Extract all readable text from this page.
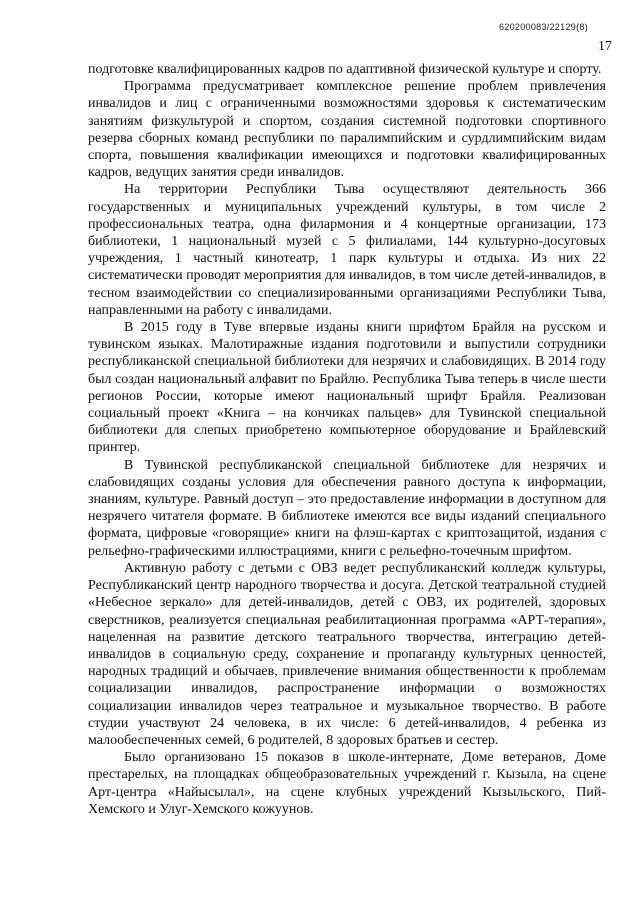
620200083/22129(8)
17

подготовке квалифицированных кадров по адаптивной физической культуре и спорту.

Программа предусматривает комплексное решение проблем привлечения инвалидов и лиц с ограниченными возможностями здоровья к систематическим занятиям физкультурой и спортом, создания системной подготовки спортивного резерва сборных команд республики по паралимпийским и сурдлимпийским видам спорта, повышения квалификации имеющихся и подготовки квалифицированных кадров, ведущих занятия среди инвалидов.

На территории Республики Тыва осуществляют деятельность 366 государственных и муниципальных учреждений культуры, в том числе 2 профессиональных театра, одна филармония и 4 концертные организации, 173 библиотеки, 1 национальный музей с 5 филиалами, 144 культурно-досуговых учреждения, 1 частный кинотеатр, 1 парк культуры и отдыха. Из них 22 систематически проводят мероприятия для инвалидов, в том числе детей-инвалидов, в тесном взаимодействии со специализированными организациями Республики Тыва, направленными на работу с инвалидами.

В 2015 году в Туве впервые изданы книги шрифтом Брайля на русском и тувинском языках. Малотиражные издания подготовили и выпустили сотрудники республиканской специальной библиотеки для незрячих и слабовидящих. В 2014 году был создан национальный алфавит по Брайлю. Республика Тыва теперь в числе шести регионов России, которые имеют национальный шрифт Брайля. Реализован социальный проект «Книга – на кончиках пальцев» для Тувинской специальной библиотеки для слепых приобретено компьютерное оборудование и Брайлевский принтер.

В Тувинской республиканской специальной библиотеке для незрячих и слабовидящих созданы условия для обеспечения равного доступа к информации, знаниям, культуре. Равный доступ – это предоставление информации в доступном для незрячего читателя формате. В библиотеке имеются все виды изданий специального формата, цифровые «говорящие» книги на флэш-картах с криптозащитой, издания с рельефно-графическими иллюстрациями, книги с рельефно-точечным шрифтом.

Активную работу с детьми с ОВЗ ведет республиканский колледж культуры, Республиканский центр народного творчества и досуга. Детской театральной студией «Небесное зеркало» для детей-инвалидов, детей с ОВЗ, их родителей, здоровых сверстников, реализуется специальная реабилитационная программа «АРТ-терапия», нацеленная на развитие детского театрального творчества, интеграцию детей-инвалидов в социальную среду, сохранение и пропаганду культурных ценностей, народных традиций и обычаев, привлечение внимания общественности к проблемам социализации инвалидов, распространение информации о возможностях социализации инвалидов через театральное и музыкальное творчество. В работе студии участвуют 24 человека, в их числе: 6 детей-инвалидов, 4 ребенка из малообеспеченных семей, 6 родителей, 8 здоровых братьев и сестер.

Было организовано 15 показов в школе-интернате, Доме ветеранов, Доме престарелых, на площадках общеобразовательных учреждений г. Кызыла, на сцене Арт-центра «Найысылал», на сцене клубных учреждений Кызыльского, Пий-Хемского и Улуг-Хемского кожуунов.
